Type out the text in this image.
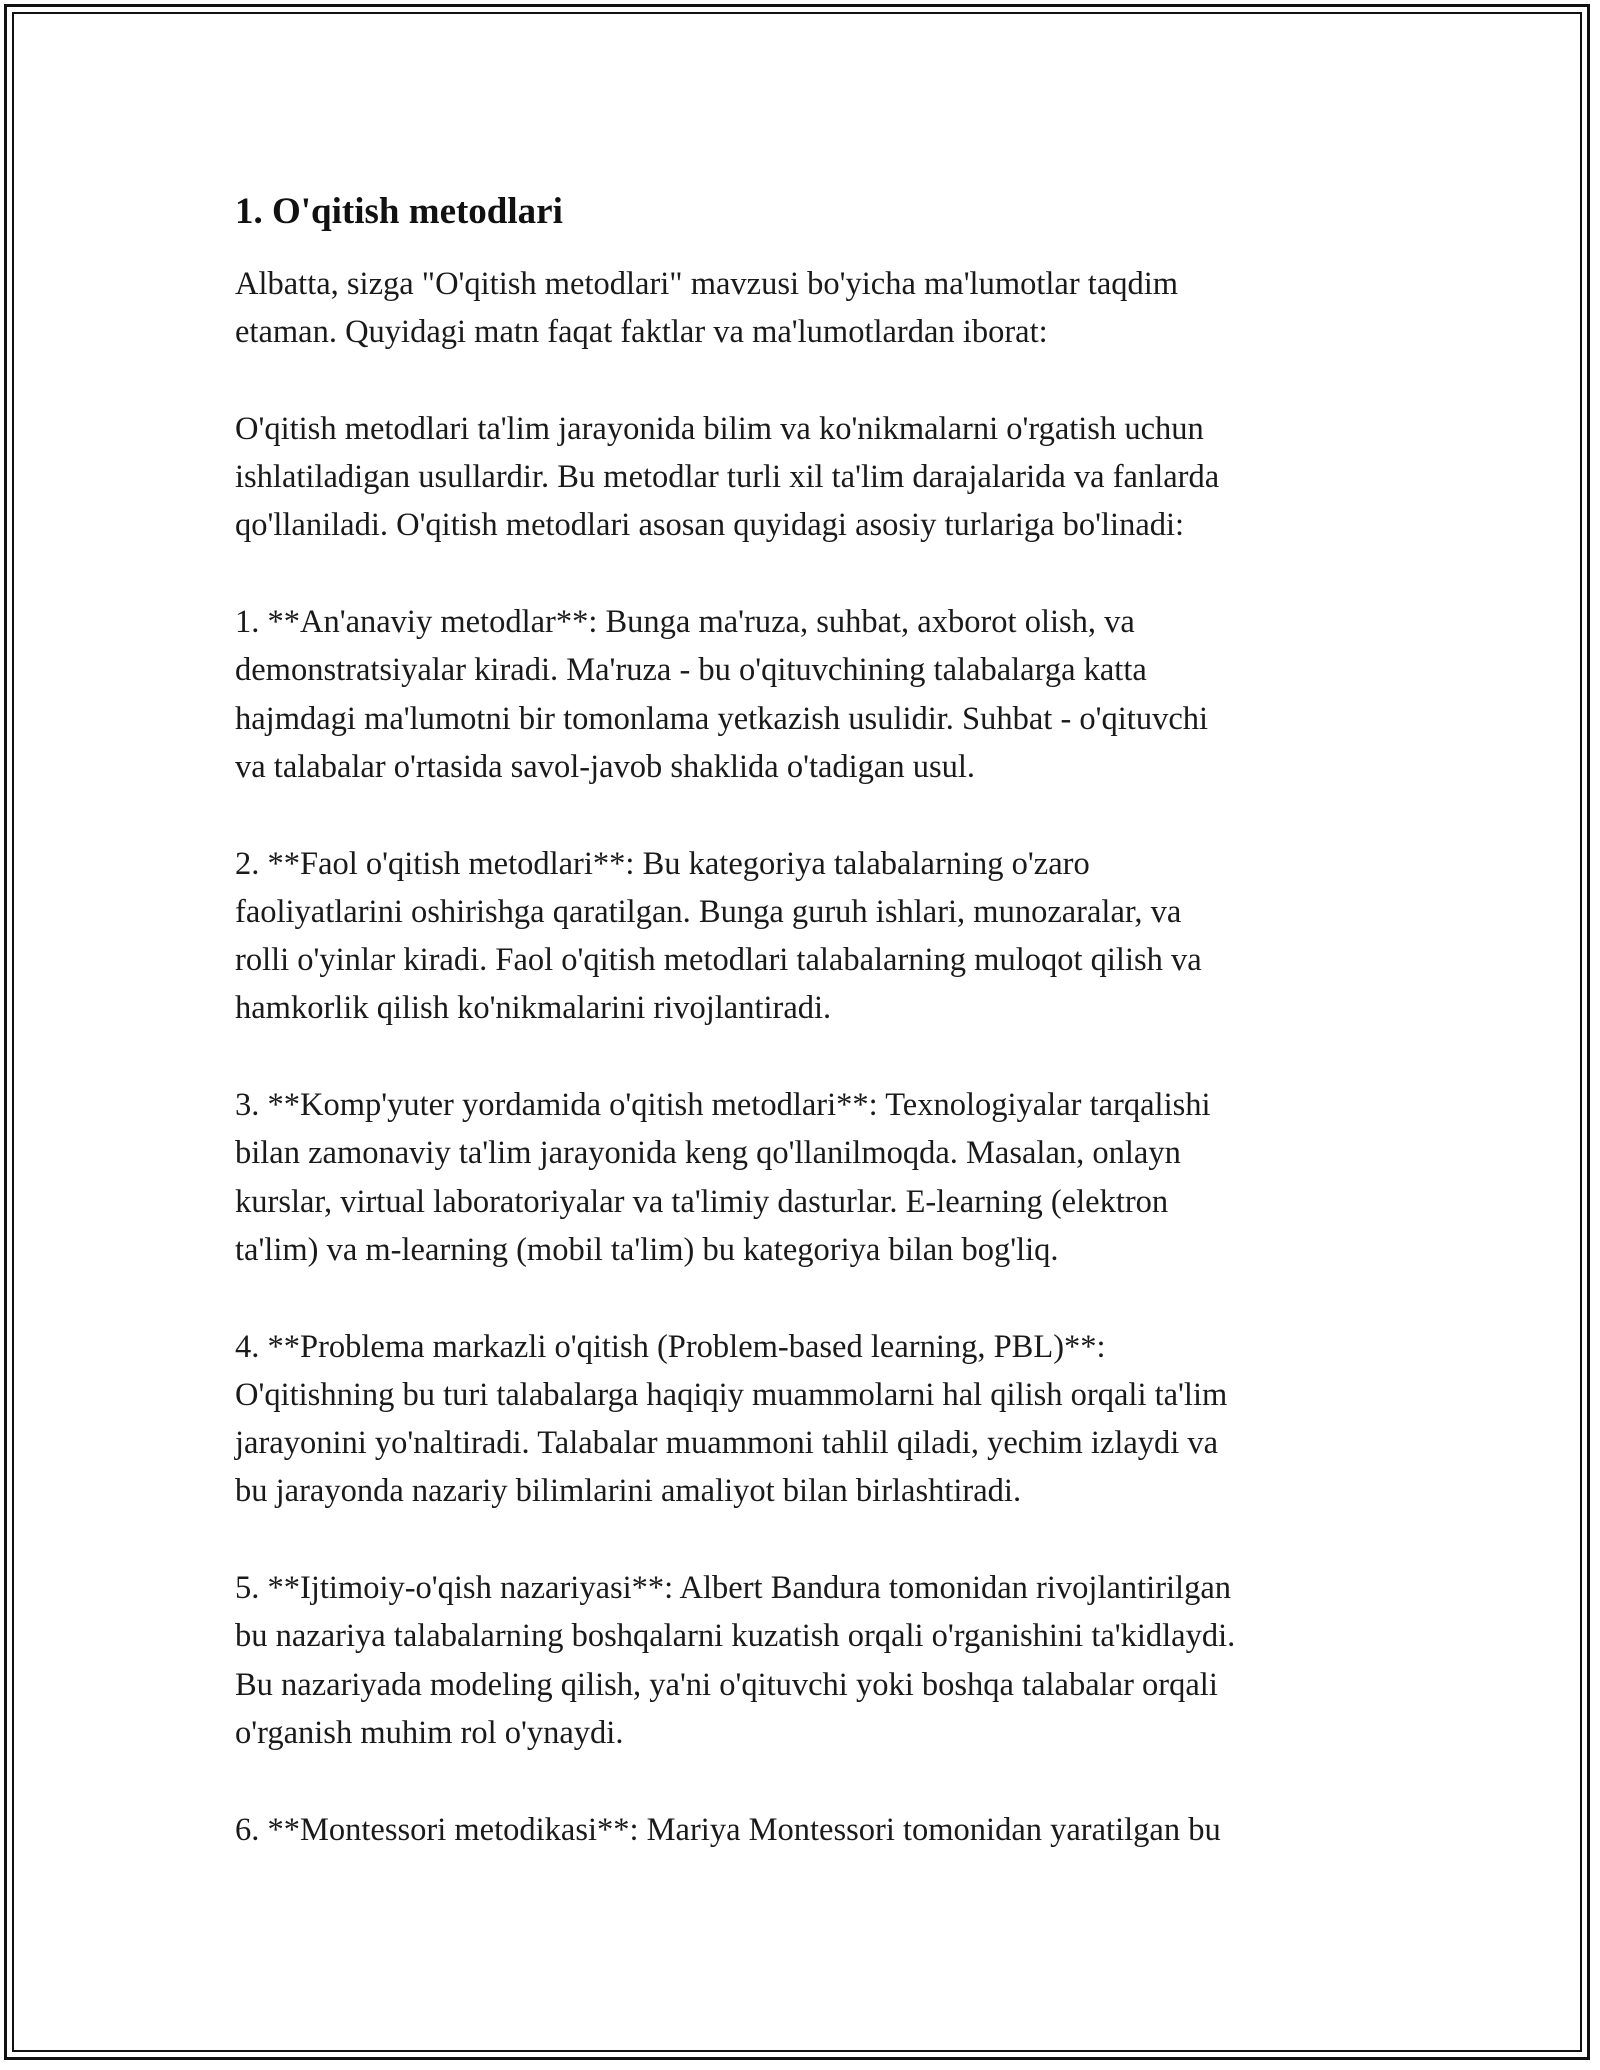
1. O'qitish metodlari

Albatta, sizga "O'qitish metodlari" mavzusi bo'yicha ma'lumotlar taqdim
etaman. Quyidagi matn faqat faktlar va ma'lumotlardan iborat:

O'qitish metodlari ta'lim jarayonida bilim va ko'nikmalarni o'rgatish uchun
ishlatiladigan usullardir. Bu metodlar turli xil ta'lim darajalarida va fanlarda
qo'llaniladi. O'qitish metodlari asosan quyidagi asosiy turlariga bo'linadi:

1. **An'anaviy metodlar**: Bunga ma'ruza, suhbat, axborot olish, va
demonstratsiyalar kiradi. Ma'ruza - bu o'qituvchining talabalarga katta
hajmdagi ma'lumotni bir tomonlama yetkazish usulidir. Suhbat - o'qituvchi
va talabalar o'rtasida savol-javob shaklida o'tadigan usul.

2. **Faol o'qitish metodlari**: Bu kategoriya talabalarning o'zaro
faoliyatlarini oshirishga qaratilgan. Bunga guruh ishlari, munozaralar, va
rolli o'yinlar kiradi. Faol o'qitish metodlari talabalarning muloqot qilish va
hamkorlik qilish ko'nikmalarini rivojlantiradi.

3. **Komp'yuter yordamida o'qitish metodlari**: Texnologiyalar tarqalishi
bilan zamonaviy ta'lim jarayonida keng qo'llanilmoqda. Masalan, onlayn
kurslar, virtual laboratoriyalar va ta'limiy dasturlar. E-learning (elektron
ta'lim) va m-learning (mobil ta'lim) bu kategoriya bilan bog'liq.

4. **Problema markazli o'qitish (Problem-based learning, PBL)**:
O'qitishning bu turi talabalarga haqiqiy muammolarni hal qilish orqali ta'lim
jarayonini yo'naltiradi. Talabalar muammoni tahlil qiladi, yechim izlaydi va
bu jarayonda nazariy bilimlarini amaliyot bilan birlashtiradi.

5. **Ijtimoiy-o'qish nazariyasi**: Albert Bandura tomonidan rivojlantirilgan
bu nazariya talabalarning boshqalarni kuzatish orqali o'rganishini ta'kidlaydi.
Bu nazariyada modeling qilish, ya'ni o'qituvchi yoki boshqa talabalar orqali
o'rganish muhim rol o'ynaydi.

6. **Montessori metodikasi**: Mariya Montessori tomonidan yaratilgan bu
